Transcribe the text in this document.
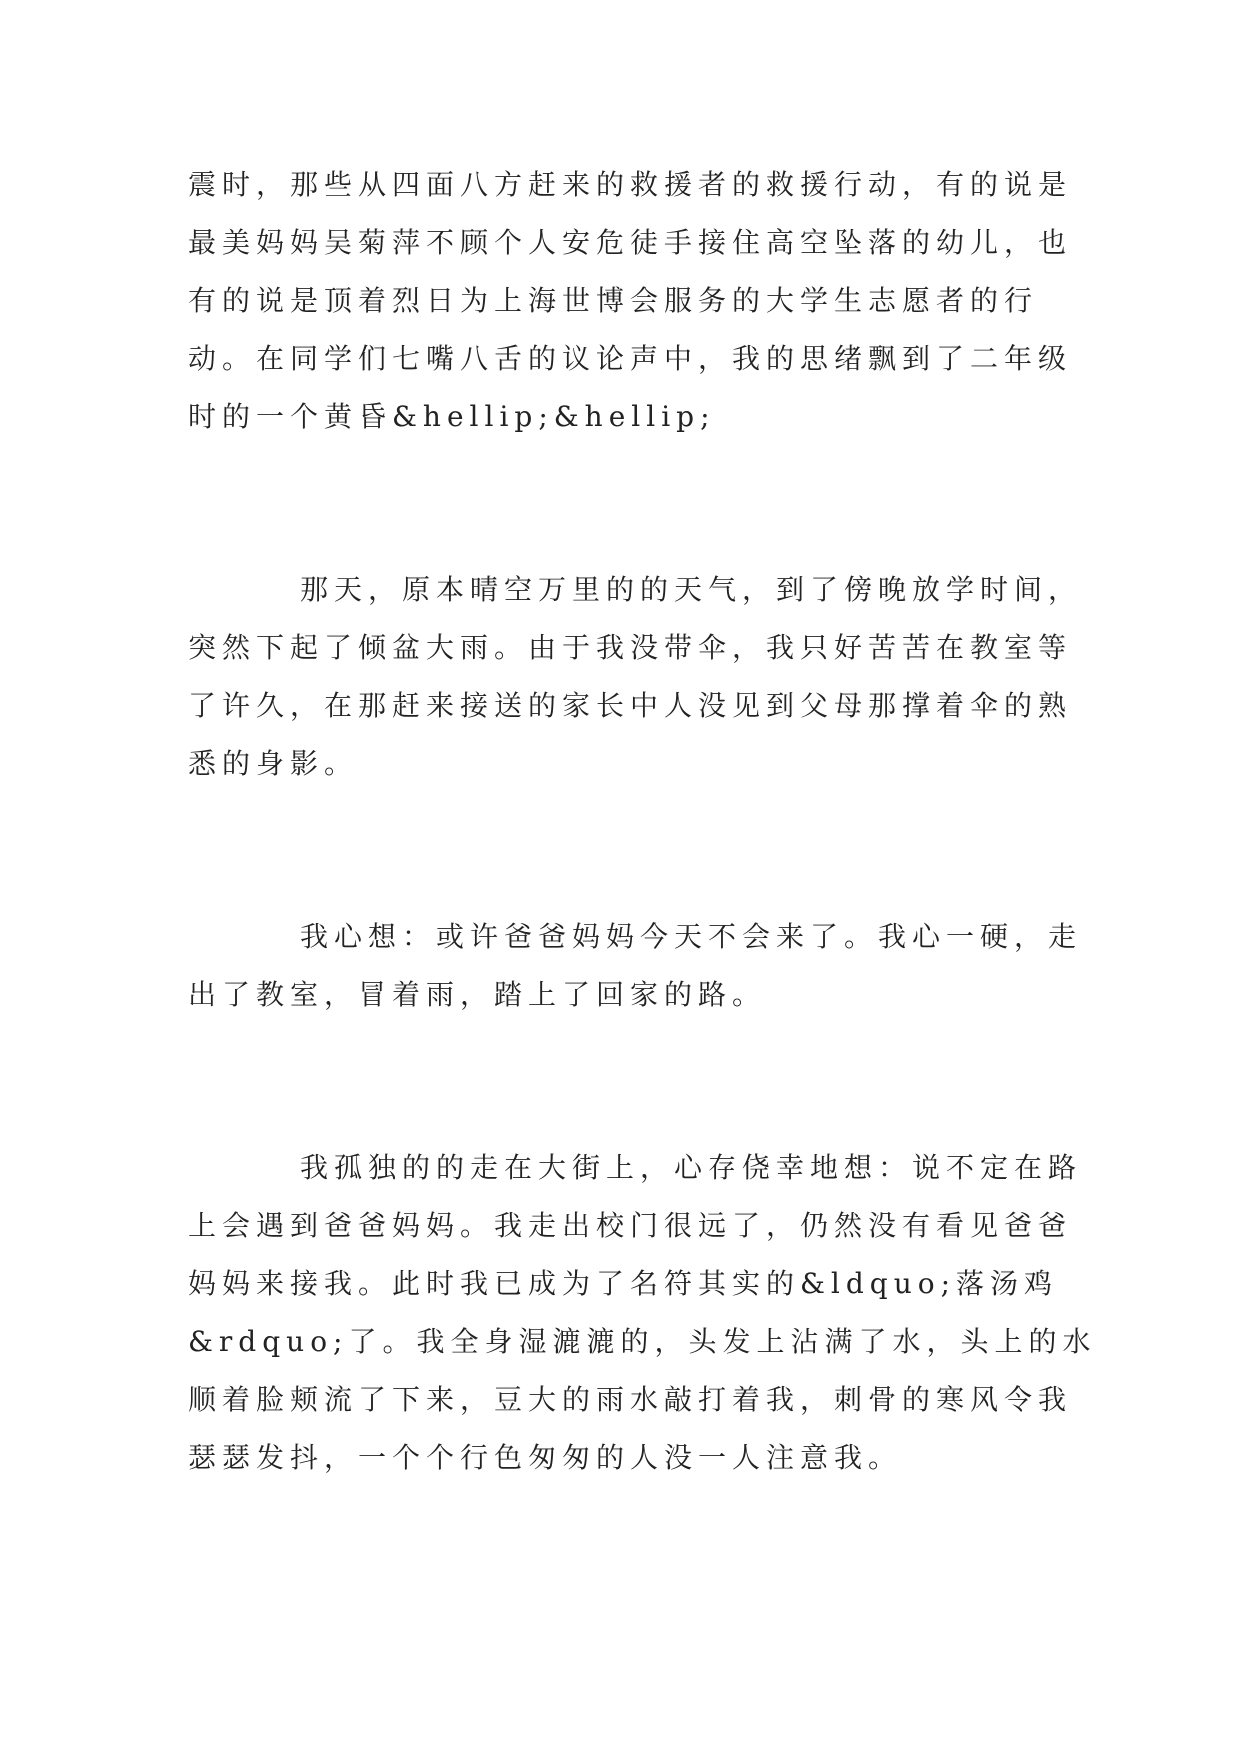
震时，那些从四面八方赶来的救援者的救援行动，有的说是
最美妈妈吴菊萍不顾个人安危徒手接住高空坠落的幼儿，也
有的说是顶着烈日为上海世博会服务的大学生志愿者的行
动。在同学们七嘴八舌的议论声中，我的思绪飘到了二年级
时的一个黄昏&hellip;&hellip;
那天，原本晴空万里的的天气，到了傍晚放学时间，
突然下起了倾盆大雨。由于我没带伞，我只好苦苦在教室等
了许久，在那赶来接送的家长中人没见到父母那撑着伞的熟
悉的身影。
我心想：或许爸爸妈妈今天不会来了。我心一硬，走
出了教室，冒着雨，踏上了回家的路。
我孤独的的走在大街上，心存侥幸地想：说不定在路
上会遇到爸爸妈妈。我走出校门很远了，仍然没有看见爸爸
妈妈来接我。此时我已成为了名符其实的&ldquo;落汤鸡
&rdquo;了。我全身湿漉漉的，头发上沾满了水，头上的水
顺着脸颊流了下来，豆大的雨水敲打着我，刺骨的寒风令我
瑟瑟发抖，一个个行色匆匆的人没一人注意我。
